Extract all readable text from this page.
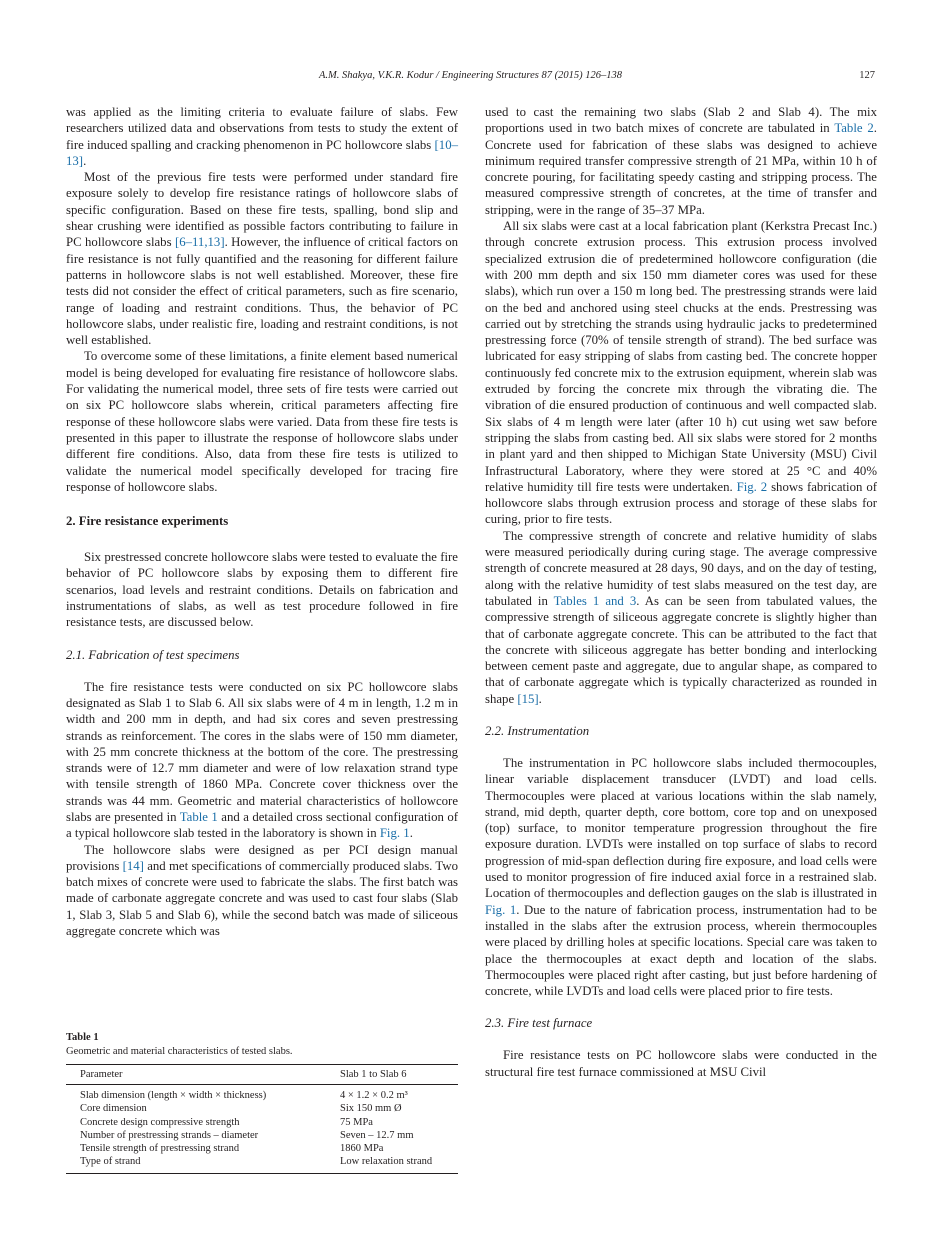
A.M. Shakya, V.K.R. Kodur / Engineering Structures 87 (2015) 126–138	127

was applied as the limiting criteria to evaluate failure of slabs. Few researchers utilized data and observations from tests to study the extent of fire induced spalling and cracking phenomenon in PC hollowcore slabs [10–13].

Most of the previous fire tests were performed under standard fire exposure solely to develop fire resistance ratings of hollowcore slabs of specific configuration. Based on these fire tests, spalling, bond slip and shear crushing were identified as possible factors contributing to failure in PC hollowcore slabs [6–11,13]. However, the influence of critical factors on fire resistance is not fully quantified and the reasoning for different failure patterns in hollowcore slabs is not well established. Moreover, these fire tests did not consider the effect of critical parameters, such as fire scenario, range of loading and restraint conditions. Thus, the behavior of PC hollowcore slabs, under realistic fire, loading and restraint conditions, is not well established.

To overcome some of these limitations, a finite element based numerical model is being developed for evaluating fire resistance of hollowcore slabs. For validating the numerical model, three sets of fire tests were carried out on six PC hollowcore slabs wherein, critical parameters affecting fire response of these hollowcore slabs were varied. Data from these fire tests is presented in this paper to illustrate the response of hollowcore slabs under different fire conditions. Also, data from these fire tests is utilized to validate the numerical model specifically developed for tracing fire response of hollowcore slabs.

2. Fire resistance experiments

Six prestressed concrete hollowcore slabs were tested to evaluate the fire behavior of PC hollowcore slabs by exposing them to different fire scenarios, load levels and restraint conditions. Details on fabrication and instrumentations of slabs, as well as test procedure followed in fire resistance tests, are discussed below.

2.1. Fabrication of test specimens

The fire resistance tests were conducted on six PC hollowcore slabs designated as Slab 1 to Slab 6. All six slabs were of 4 m in length, 1.2 m in width and 200 mm in depth, and had six cores and seven prestressing strands as reinforcement. The cores in the slabs were of 150 mm diameter, with 25 mm concrete thickness at the bottom of the core. The prestressing strands were of 12.7 mm diameter and were of low relaxation strand type with tensile strength of 1860 MPa. Concrete cover thickness over the strands was 44 mm. Geometric and material characteristics of hollowcore slabs are presented in Table 1 and a detailed cross sectional configuration of a typical hollowcore slab tested in the laboratory is shown in Fig. 1.

The hollowcore slabs were designed as per PCI design manual provisions [14] and met specifications of commercially produced slabs. Two batch mixes of concrete were used to fabricate the slabs. The first batch was made of carbonate aggregate concrete and was used to cast four slabs (Slab 1, Slab 3, Slab 5 and Slab 6), while the second batch was made of siliceous aggregate concrete which was

Table 1
Geometric and material characteristics of tested slabs.
Parameter	Slab 1 to Slab 6
Slab dimension (length × width × thickness)	4 × 1.2 × 0.2 m³
Core dimension	Six 150 mm Ø
Concrete design compressive strength	75 MPa
Number of prestressing strands – diameter	Seven – 12.7 mm
Tensile strength of prestressing strand	1860 MPa
Type of strand	Low relaxation strand

used to cast the remaining two slabs (Slab 2 and Slab 4). The mix proportions used in two batch mixes of concrete are tabulated in Table 2. Concrete used for fabrication of these slabs was designed to achieve minimum required transfer compressive strength of 21 MPa, within 10 h of concrete pouring, for facilitating speedy casting and stripping process. The measured compressive strength of concretes, at the time of transfer and stripping, were in the range of 35–37 MPa.

All six slabs were cast at a local fabrication plant (Kerkstra Precast Inc.) through concrete extrusion process. This extrusion process involved specialized extrusion die of predetermined hollowcore configuration (die with 200 mm depth and six 150 mm diameter cores was used for these slabs), which run over a 150 m long bed. The prestressing strands were laid on the bed and anchored using steel chucks at the ends. Prestressing was carried out by stretching the strands using hydraulic jacks to predetermined prestressing force (70% of tensile strength of strand). The bed surface was lubricated for easy stripping of slabs from casting bed. The concrete hopper continuously fed concrete mix to the extrusion equipment, wherein slab was extruded by forcing the concrete mix through the vibrating die. The vibration of die ensured production of continuous and well compacted slab. Six slabs of 4 m length were later (after 10 h) cut using wet saw before stripping the slabs from casting bed. All six slabs were stored for 2 months in plant yard and then shipped to Michigan State University (MSU) Civil Infrastructural Laboratory, where they were stored at 25 °C and 40% relative humidity till fire tests were undertaken. Fig. 2 shows fabrication of hollowcore slabs through extrusion process and storage of these slabs for curing, prior to fire tests.

The compressive strength of concrete and relative humidity of slabs were measured periodically during curing stage. The average compressive strength of concrete measured at 28 days, 90 days, and on the day of testing, along with the relative humidity of test slabs measured on the test day, are tabulated in Tables 1 and 3. As can be seen from tabulated values, the compressive strength of siliceous aggregate concrete is slightly higher than that of carbonate aggregate concrete. This can be attributed to the fact that the concrete with siliceous aggregate has better bonding and interlocking between cement paste and aggregate, due to angular shape, as compared to that of carbonate aggregate which is typically characterized as rounded in shape [15].

2.2. Instrumentation

The instrumentation in PC hollowcore slabs included thermocouples, linear variable displacement transducer (LVDT) and load cells. Thermocouples were placed at various locations within the slab namely, strand, mid depth, quarter depth, core bottom, core top and on unexposed (top) surface, to monitor temperature progression throughout the fire exposure duration. LVDTs were installed on top surface of slabs to record progression of mid-span deflection during fire exposure, and load cells were used to monitor progression of fire induced axial force in a restrained slab. Location of thermocouples and deflection gauges on the slab is illustrated in Fig. 1. Due to the nature of fabrication process, instrumentation had to be installed in the slabs after the extrusion process, wherein thermocouples were placed by drilling holes at specific locations. Special care was taken to place the thermocouples at exact depth and location of the slabs. Thermocouples were placed right after casting, but just before hardening of concrete, while LVDTs and load cells were placed prior to fire tests.

2.3. Fire test furnace

Fire resistance tests on PC hollowcore slabs were conducted in the structural fire test furnace commissioned at MSU Civil
